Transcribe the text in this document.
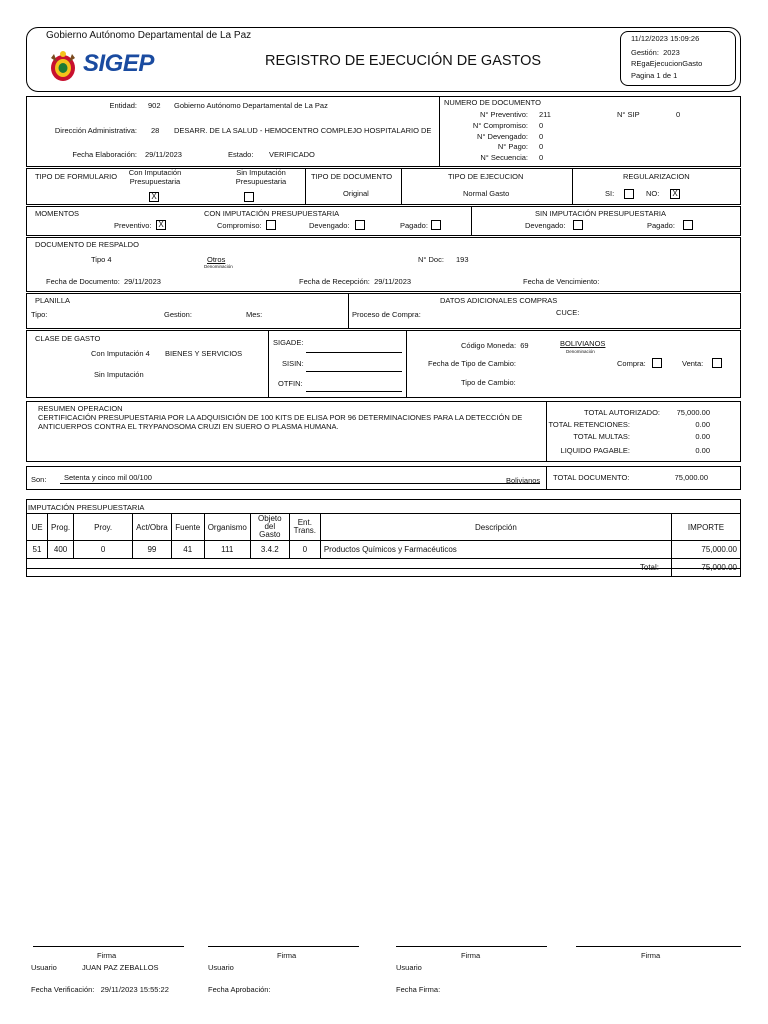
Gobierno Autónomo Departamental de La Paz
SIGEP	REGISTRO DE EJECUCIÓN DE GASTOS
11/12/2023 15:09:26
Gestión: 2023
REgaEjecucionGasto
Pagina 1 de 1
Entidad: 902 Gobierno Autónomo Departamental de La Paz
Dirección Administrativa: 28 DESARR. DE LA SALUD - HEMOCENTRO COMPLEJO HOSPITALARIO DE
Fecha Elaboración: 29/11/2023	Estado: VERIFICADO
NUMERO DE DOCUMENTO
N° Preventivo: 211
N° Compromiso: 0
N° Devengado: 0
N° Pago: 0
N° Secuencia: 0
N° SIP	0
TIPO DE FORMULARIO	Con Imputación
Presupuestaria
Sin Imputación
Presupuestaria
X
TIPO DE DOCUMENTO
Original
TIPO DE EJECUCION
Normal Gasto
REGULARIZACION
SI:	NO: X
MOMENTOS	CON IMPUTACIÓN PRESUPUESTARIA
Preventivo: X	Compromiso:	Devengado:	Pagado:
SIN IMPUTACIÓN PRESUPUESTARIA
Devengado:	Pagado:
DOCUMENTO DE RESPALDO
Tipo 4	Otros
Denominación
N° Doc: 193
Fecha de Documento: 29/11/2023	Fecha de Recepción: 29/11/2023	Fecha de Vencimiento:
PLANILLA
Tipo:	Gestion:	Mes:	Proceso de Compra:
DATOS ADICIONALES COMPRAS
CUCE:
CLASE DE GASTO
Con Imputación 4 BIENES Y SERVICIOS
Sin Imputación
SIGADE:
SISIN:
OTFIN:
Código Moneda: 69	BOLIVIANOS
Denominación
Fecha de Tipo de Cambio:	Compra:	Venta:
Tipo de Cambio:
RESUMEN OPERACION
CERTIFICACIÓN PRESUPUESTARIA POR LA ADQUISICIÓN DE 100 KITS DE ELISA POR 96 DETERMINACIONES PARA LA DETECCIÓN DE
ANTICUERPOS CONTRA EL TRYPANOSOMA CRUZI EN SUERO O PLASMA HUMANA.
TOTAL AUTORIZADO:	75,000.00
TOTAL RETENCIONES:	0.00
TOTAL MULTAS:	0.00
LIQUIDO PAGABLE:	0.00
Son: Setenta y cinco mil 00/100	Bolivianos TOTAL DOCUMENTO:	75,000.00
IMPUTACIÓN PRESUPUESTARIA
UE	Prog.	Proy.	Act/Obra	Fuente	Organismo	Objeto del Gasto	Ent. Trans.	Descripción	IMPORTE
51	400	0	99	41	111	3.4.2	0	Productos Químicos y Farmacéuticos	75,000.00
Total:									75,000.00
Firma	Firma	Firma	Firma
Usuario	JUAN PAZ ZEBALLOS	Usuario	Usuario
Fecha Verificación: 29/11/2023 15:55:22	Fecha Aprobación:	Fecha Firma:
